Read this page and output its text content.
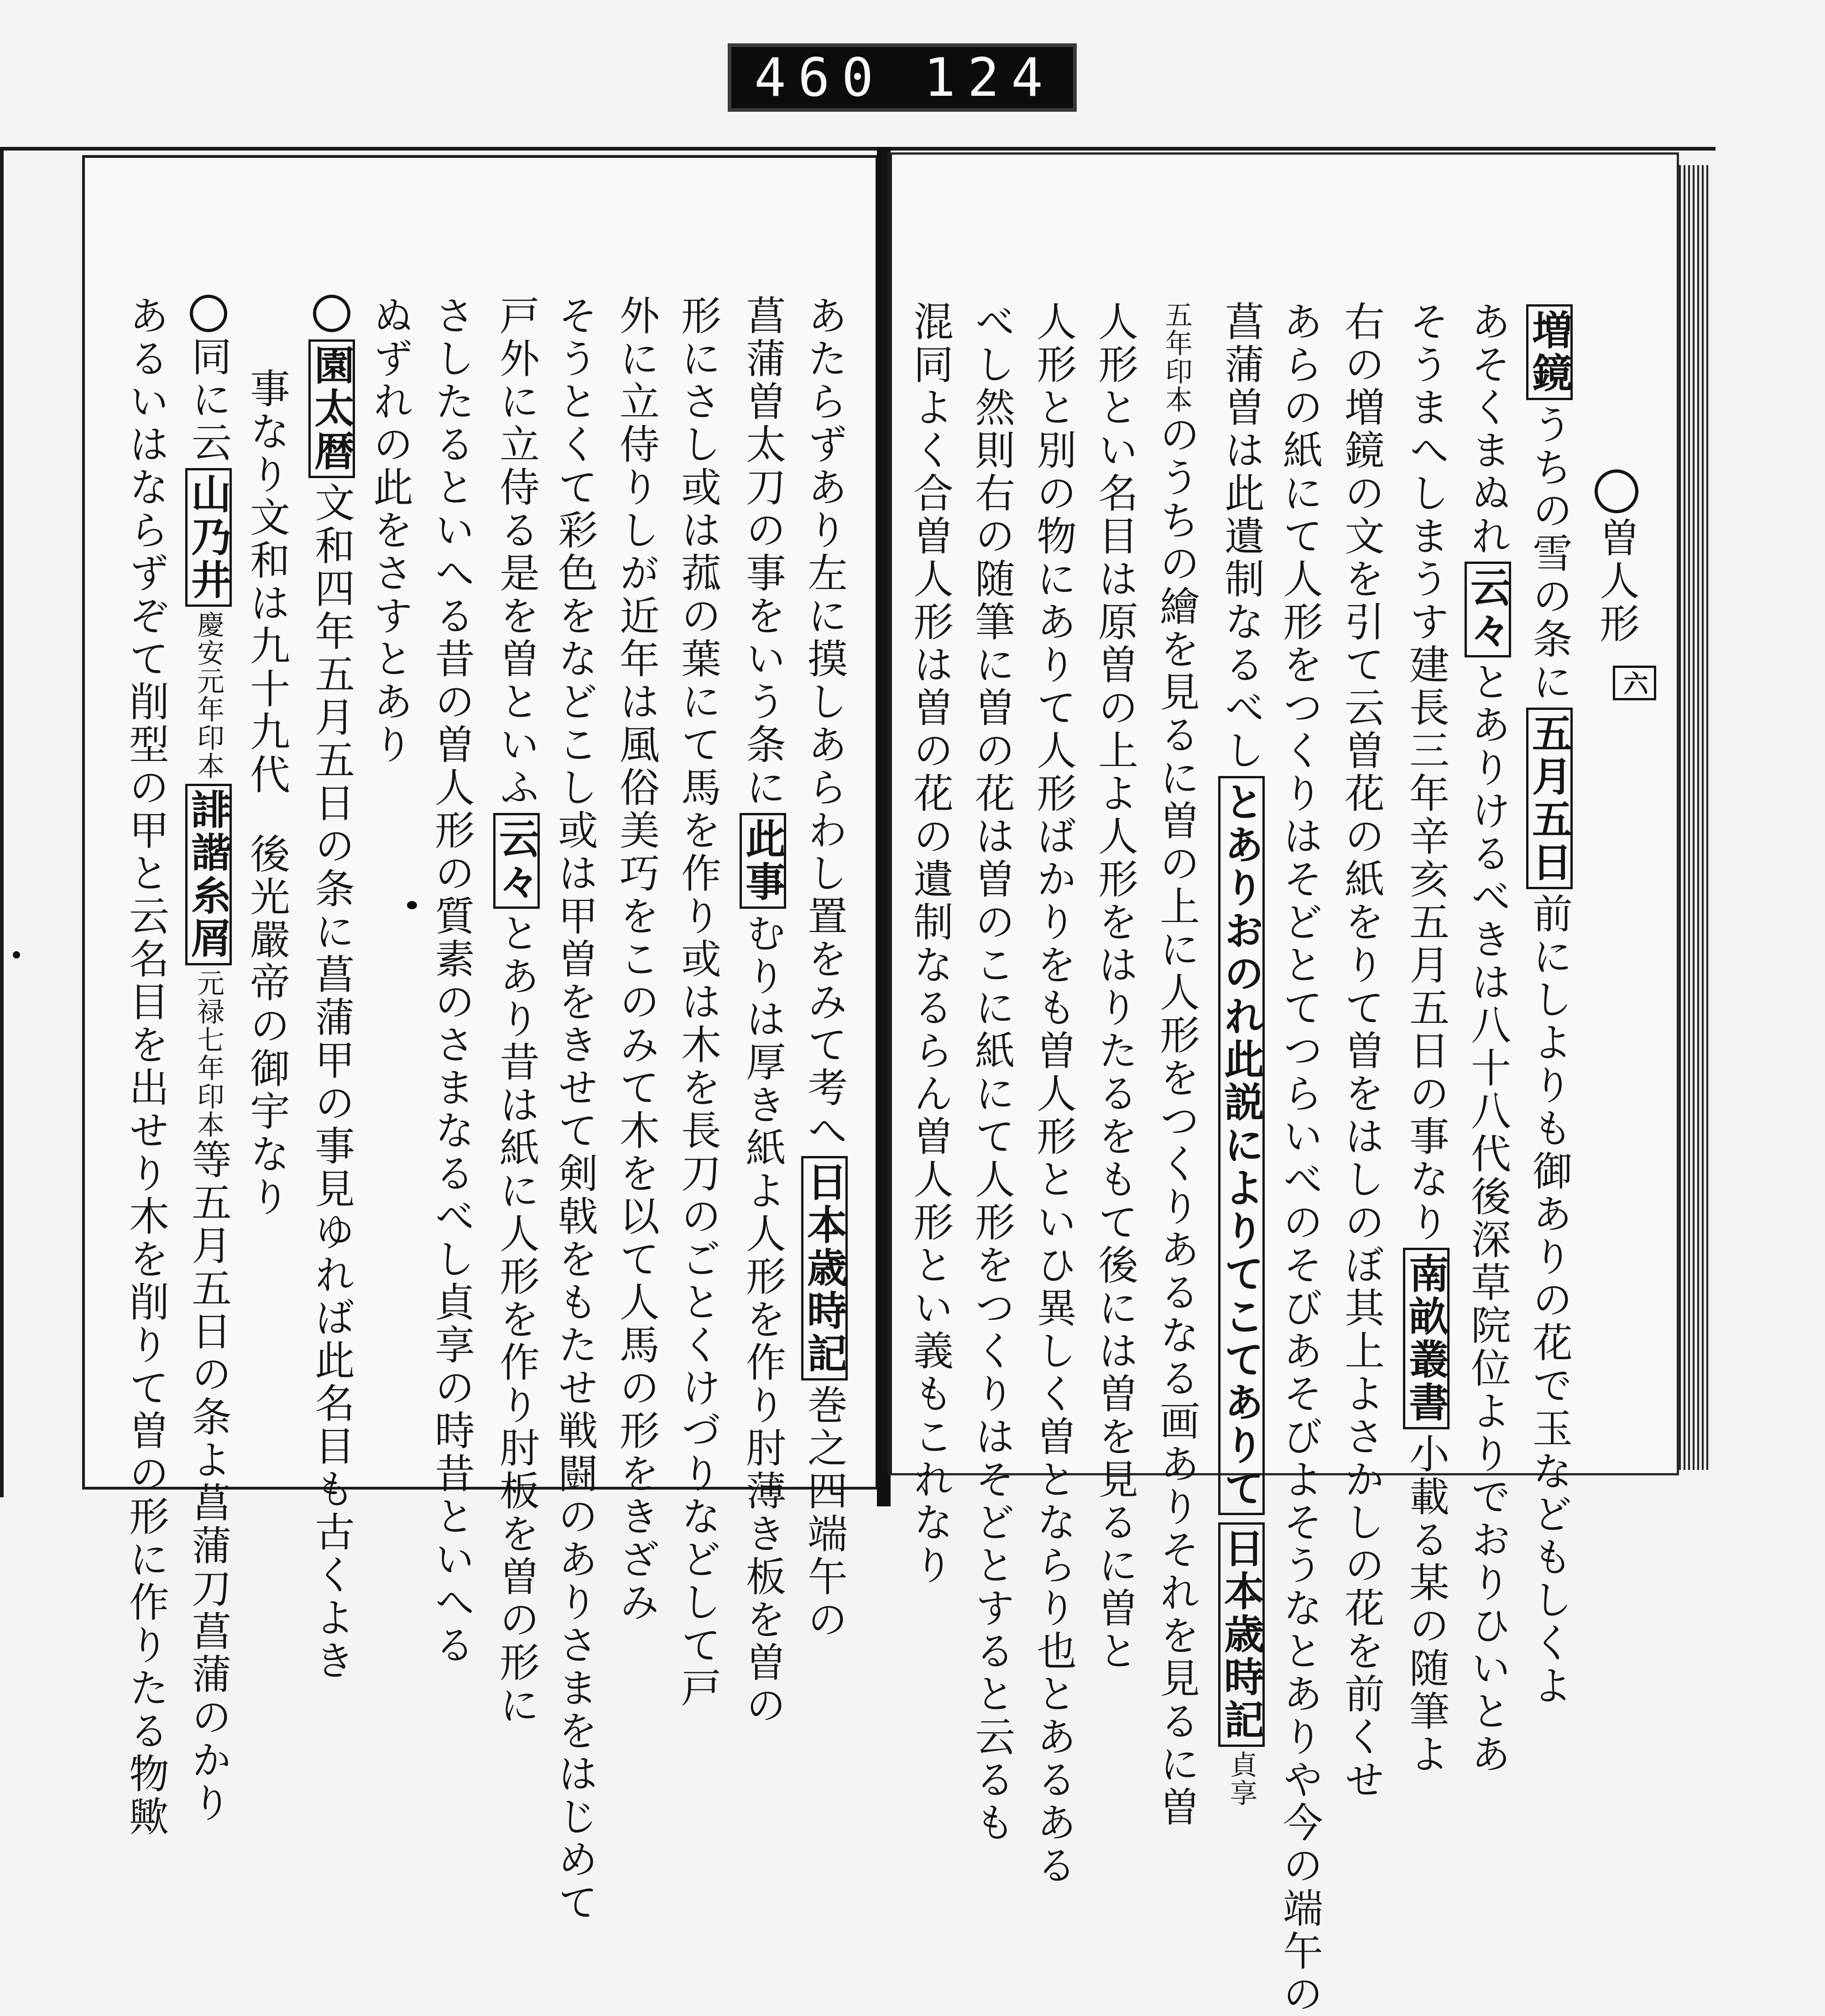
460 124
あたらずあり左に摸しあらわし置をみて考へ日本歳時記巻之四端午の
菖蒲曽太刀の事をいう条に此事むりは厚き紙よ人形を作り肘薄き板を曽の
形にさし或は菰の葉にて馬を作り或は木を長刀のごとくけづりなどして戸
外に立侍りしが近年は風俗美巧をこのみて木を以て人馬の形をきざみ
そうとくて彩色をなどこし或は甲曽をきせて剣戟をもたせ戦闘のありさまをはじめて
戸外に立侍る是を曽といふ云々とあり昔は紙に人形を作り肘板を曽の形に
さしたるといへる昔の曽人形の質素のさまなるべし貞享の時昔といへる
ぬずれの此をさすとあり
園太暦文和四年五月五日の条に菖蒲甲の事見ゆれば此名目も古くよき
事なり文和は九十九代後光嚴帝の御宇なり
同に云山乃井慶安元年印本誹諧糸屑元禄七年印本等五月五日の条よ菖蒲刀菖蒲のかり
あるいはならずぞて削型の甲と云名目を出せり木を削りて曽の形に作りたる物歟	六
曽人形
増鏡うちの雪の条に五月五日前にしよりも御ありの花で玉などもしくよ
あそくまぬれ云々とありけるべきは八十八代後深草院位よりでおりひいとあ
そうまへしまうす建長三年辛亥五月五日の事なり南畝叢書小載る某の随筆よ
右の増鏡の文を引て云曽花の紙をりて曽をはしのぼ其上よさかしの花を前くせ
あらの紙にて人形をつくりはそどとてつらいべのそびあそびよそうなとありや今の端午の
菖蒲曽は此遺制なるべしとありおのれ此説によりてこてありて日本歳時記貞享
五年印本のうちの繪を見るに曽の上に人形をつくりあるなる画ありそれを見るに曽
人形とい名目は原曽の上よ人形をはりたるをもて後には曽を見るに曽と
人形と別の物にありて人形ばかりをも曽人形といひ異しく曽とならり也とあるある
べし然則右の随筆に曽の花は曽のこに紙にて人形をつくりはそどとすると云るも
混同よく合曽人形は曽の花の遺制なるらん曽人形とい義もこれなり
